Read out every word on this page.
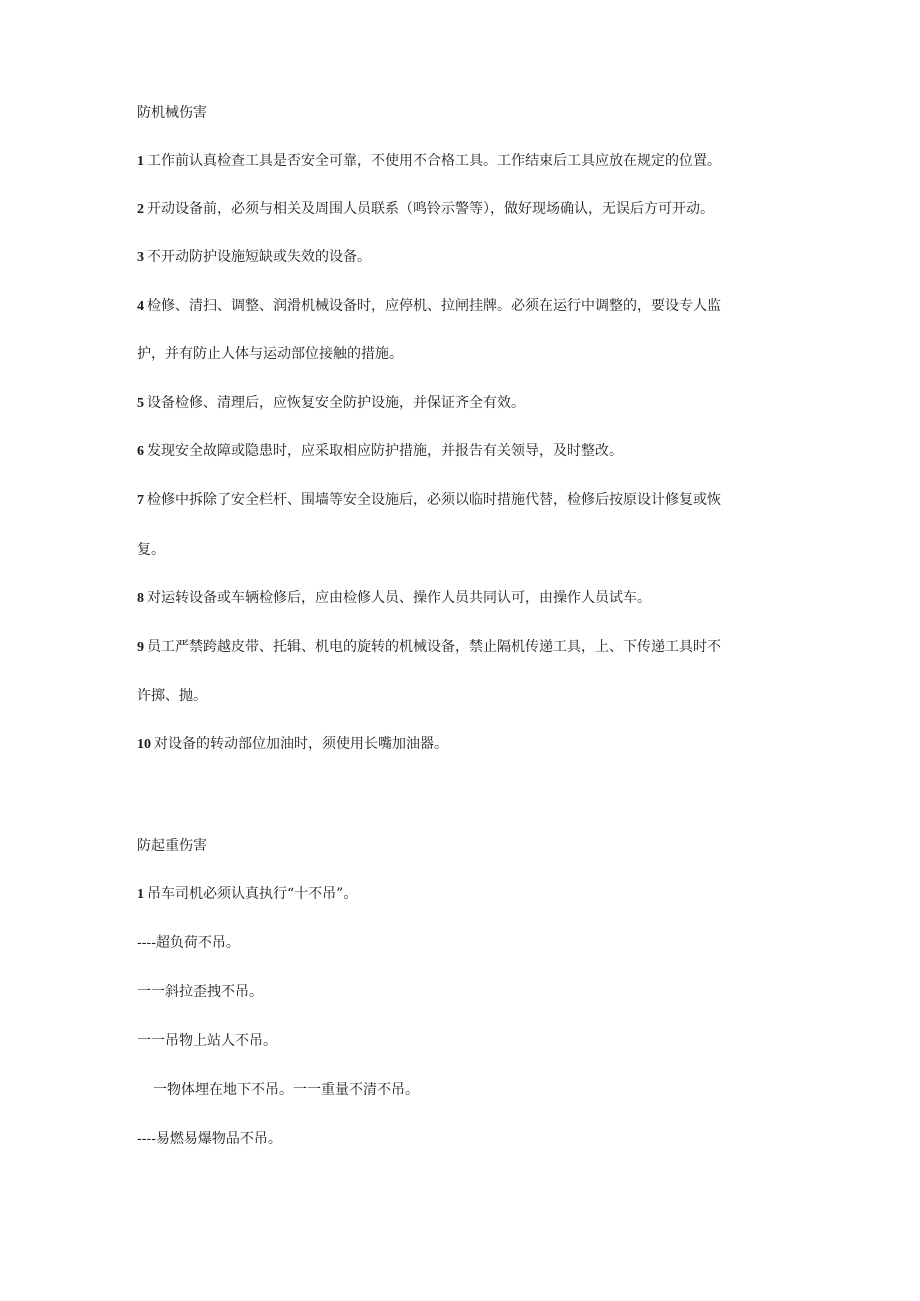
防机械伤害
1 工作前认真检查工具是否安全可靠，不使用不合格工具。工作结束后工具应放在规定的位置。
2 开动设备前，必须与相关及周围人员联系（鸣铃示警等），做好现场确认，无误后方可开动。
3 不开动防护设施短缺或失效的设备。
4 检修、清扫、调整、润滑机械设备时，应停机、拉闸挂牌。必须在运行中调整的，要设专人监
护，并有防止人体与运动部位接触的措施。
5 设备检修、清理后，应恢复安全防护设施，并保证齐全有效。
6 发现安全故障或隐患时，应采取相应防护措施，并报告有关领导，及时整改。
7 检修中拆除了安全栏杆、围墙等安全设施后，必须以临时措施代替，检修后按原设计修复或恢
复。
8 对运转设备或车辆检修后，应由检修人员、操作人员共同认可，由操作人员试车。
9 员工严禁跨越皮带、托辑、机电的旋转的机械设备，禁止隔机传递工具，上、下传递工具时不
许掷、抛。
10 对设备的转动部位加油时，须使用长嘴加油器。
防起重伤害
1 吊车司机必须认真执行“十不吊”。
----超负荷不吊。
一一斜拉歪拽不吊。
一一吊物上站人不吊。
一物体埋在地下不吊。一一重量不清不吊。
----易燃易爆物品不吊。
